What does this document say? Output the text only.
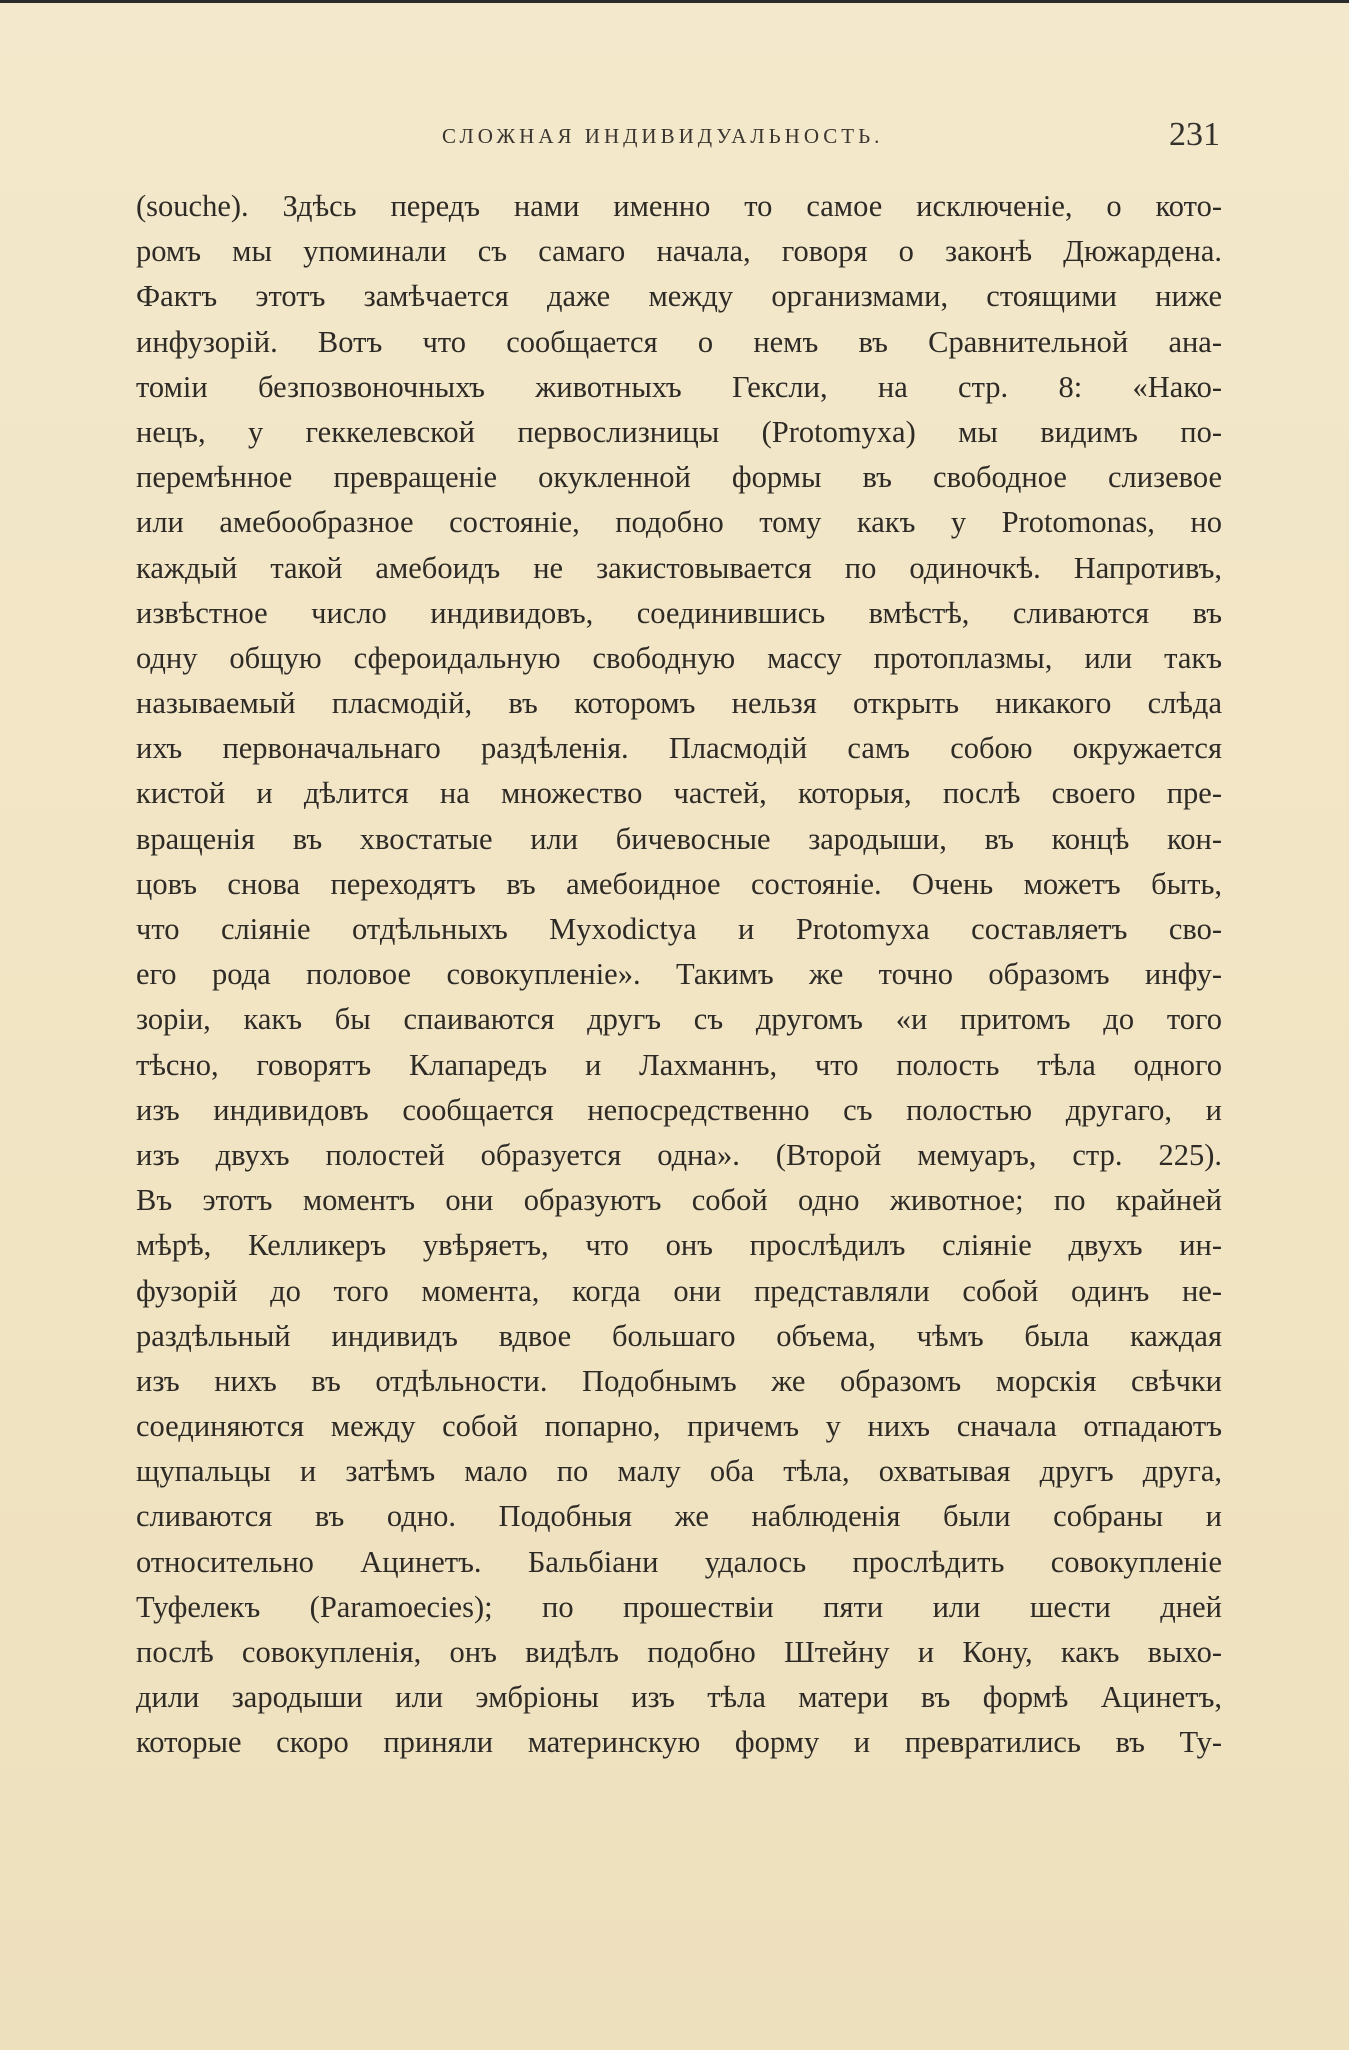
СЛОЖНАЯ ИНДИВИДУАЛЬНОСТЬ.	231
(souche). Здѣсь передъ нами именно то самое исключеніе, о кото-
ромъ мы упоминали съ самаго начала, говоря о законѣ Дюжардена.
Фактъ этотъ замѣчается даже между организмами, стоящими ниже
инфузорій. Вотъ что сообщается о немъ въ Сравнительной ана-
томіи безпозвоночныхъ животныхъ Гексли, на стр. 8: «Нако-
нецъ, у геккелевской первослизницы (Protomyxa) мы видимъ по-
перемѣнное превращеніе окукленной формы въ свободное слизевое
или амебообразное состояніе, подобно тому какъ у Protomonas, но
каждый такой амебоидъ не закистовывается по одиночкѣ. Напротивъ,
извѣстное число индивидовъ, соединившись вмѣстѣ, сливаются въ
одну общую сфероидальную свободную массу протоплазмы, или такъ
называемый плаcмодій, въ которомъ нельзя открыть никакого слѣда
ихъ первоначальнаго раздѣленія. Плаcмодій самъ собою окружается
кистой и дѣлится на множество частей, которыя, послѣ своего пре-
вращенія въ хвостатые или бичевосные зародыши, въ концѣ кон-
цовъ снова переходятъ въ амебоидное состояніе. Очень можетъ быть,
что сліяніе отдѣльныхъ Myxodictya и Protomyxa составляетъ сво-
его рода половое совокупленіе». Такимъ же точно образомъ инфу-
зоріи, какъ бы спаиваются другъ съ другомъ «и притомъ до того
тѣсно, говорятъ Клапаредъ и Лахманнъ, что полость тѣла одного
изъ индивидовъ сообщается непосредственно съ полостью другаго, и
изъ двухъ полостей образуется одна». (Второй мемуаръ, стр. 225).
Въ этотъ моментъ они образуютъ собой одно животное; по крайней
мѣрѣ, Келликеръ увѣряетъ, что онъ прослѣдилъ сліяніе двухъ ин-
фузорій до того момента, когда они представляли собой одинъ не-
раздѣльный индивидъ вдвое большаго объема, чѣмъ была каждая
изъ нихъ въ отдѣльности. Подобнымъ же образомъ морскія свѣчки
соединяются между собой попарно, причемъ у нихъ сначала отпадаютъ
щупальцы и затѣмъ мало по малу оба тѣла, охватывая другъ друга,
сливаются въ одно. Подобныя же наблюденія были собраны и
относительно Ацинетъ. Бальбіани удалось прослѣдить совокупленіе
Туфелекъ (Paramoecies); по прошествіи пяти или шести дней
послѣ совокупленія, онъ видѣлъ подобно Штейну и Кону, какъ выхо-
дили зародыши или эмбріоны изъ тѣла матери въ формѣ Ацинетъ,
которые скоро приняли материнскую форму и превратились въ Ту-
